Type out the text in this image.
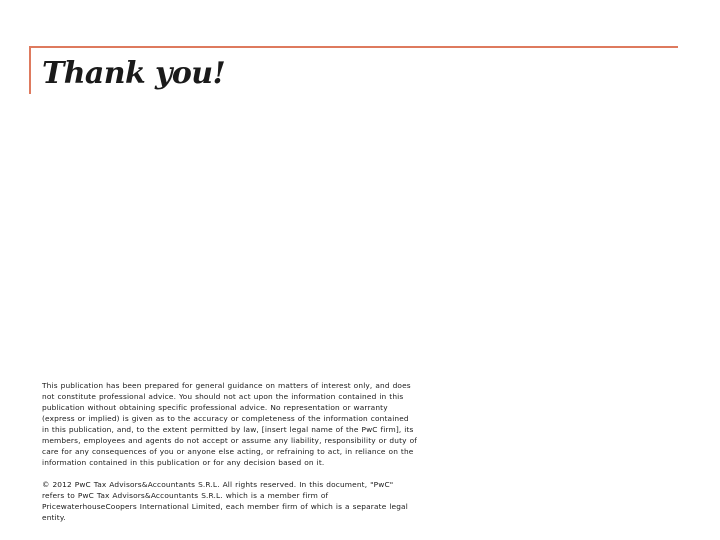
Thank you!

This publication has been prepared for general guidance on matters of interest only, and does
not constitute professional advice. You should not act upon the information contained in this
publication without obtaining specific professional advice. No representation or warranty
(express or implied) is given as to the accuracy or completeness of the information contained
in this publication, and, to the extent permitted by law, [insert legal name of the PwC firm], its
members, employees and agents do not accept or assume any liability, responsibility or duty of
care for any consequences of you or anyone else acting, or refraining to act, in reliance on the
information contained in this publication or for any decision based on it.

© 2012 PwC Tax Advisors&Accountants S.R.L. All rights reserved. In this document, "PwC"
refers to PwC Tax Advisors&Accountants S.R.L. which is a member firm of
PricewaterhouseCoopers International Limited, each member firm of which is a separate legal
entity.
